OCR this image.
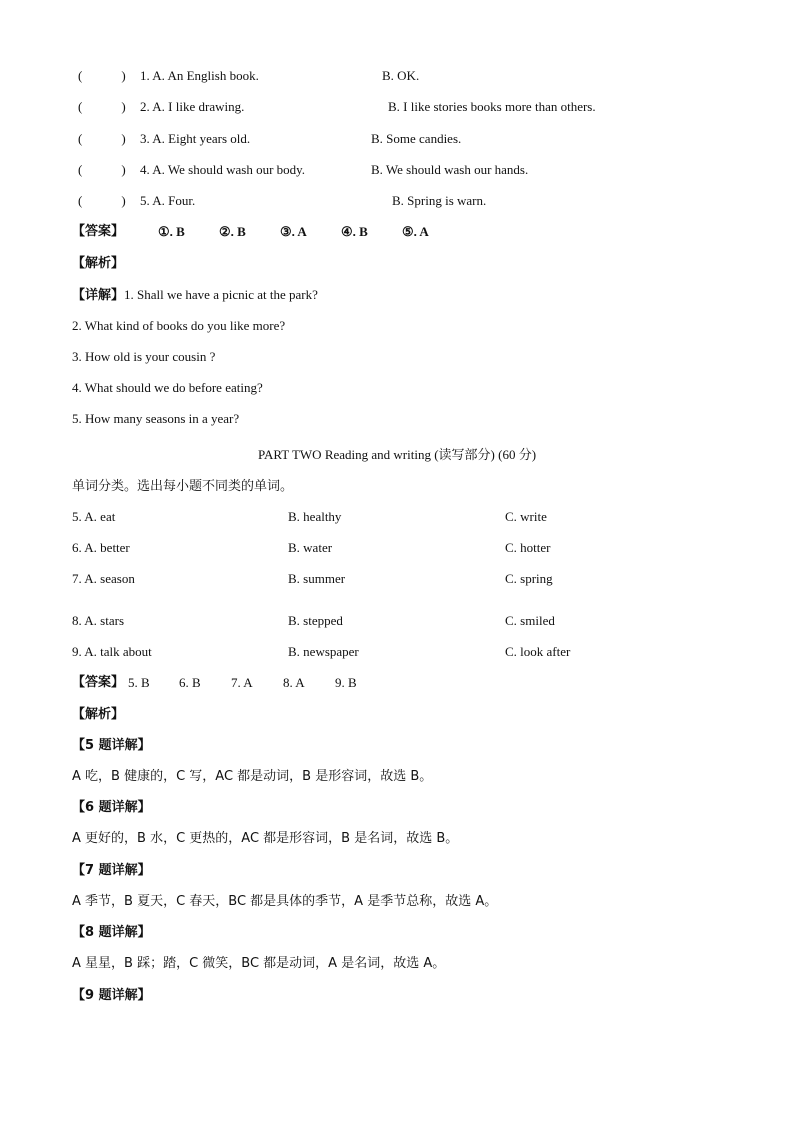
(　　　) 1. A. An English book.	B. OK.
(　　　) 2. A. I like drawing.	B. I like stories books more than others.
(　　　) 3. A. Eight years old.	B. Some candies.
(　　　) 4. A. We should wash our body.	B. We should wash our hands.
(　　　) 5. A. Four.	B. Spring is warn.
【答案】	①. B	②. B	③. A	④. B	⑤. A
【解析】
【详解】1. Shall we have a picnic at the park?
2. What kind of books do you like more?
3. How old is your cousin ?
4. What should we do before eating?
5. How many seasons in a year?
PART TWO Reading and writing (读写部分) (60 分)
单词分类。选出每小题不同类的单词。
5. A. eat	B. healthy	C. write
6. A. better	B. water	C. hotter
7. A. season	B. summer	C. spring
8. A. stars	B. stepped	C. smiled
9. A. talk about	B. newspaper	C. look after
【答案】 5. B 6. B 7. A 8. A 9. B
【解析】
【5 题详解】
A 吃，B 健康的，C 写，AC 都是动词，B 是形容词，故选 B。
【6 题详解】
A 更好的，B 水，C 更热的，AC 都是形容词，B 是名词，故选 B。
【7 题详解】
A 季节，B 夏天，C 春天，BC 都是具体的季节，A 是季节总称，故选 A。
【8 题详解】
A 星星，B 踩；踏，C 微笑，BC 都是动词，A 是名词，故选 A。
【9 题详解】
